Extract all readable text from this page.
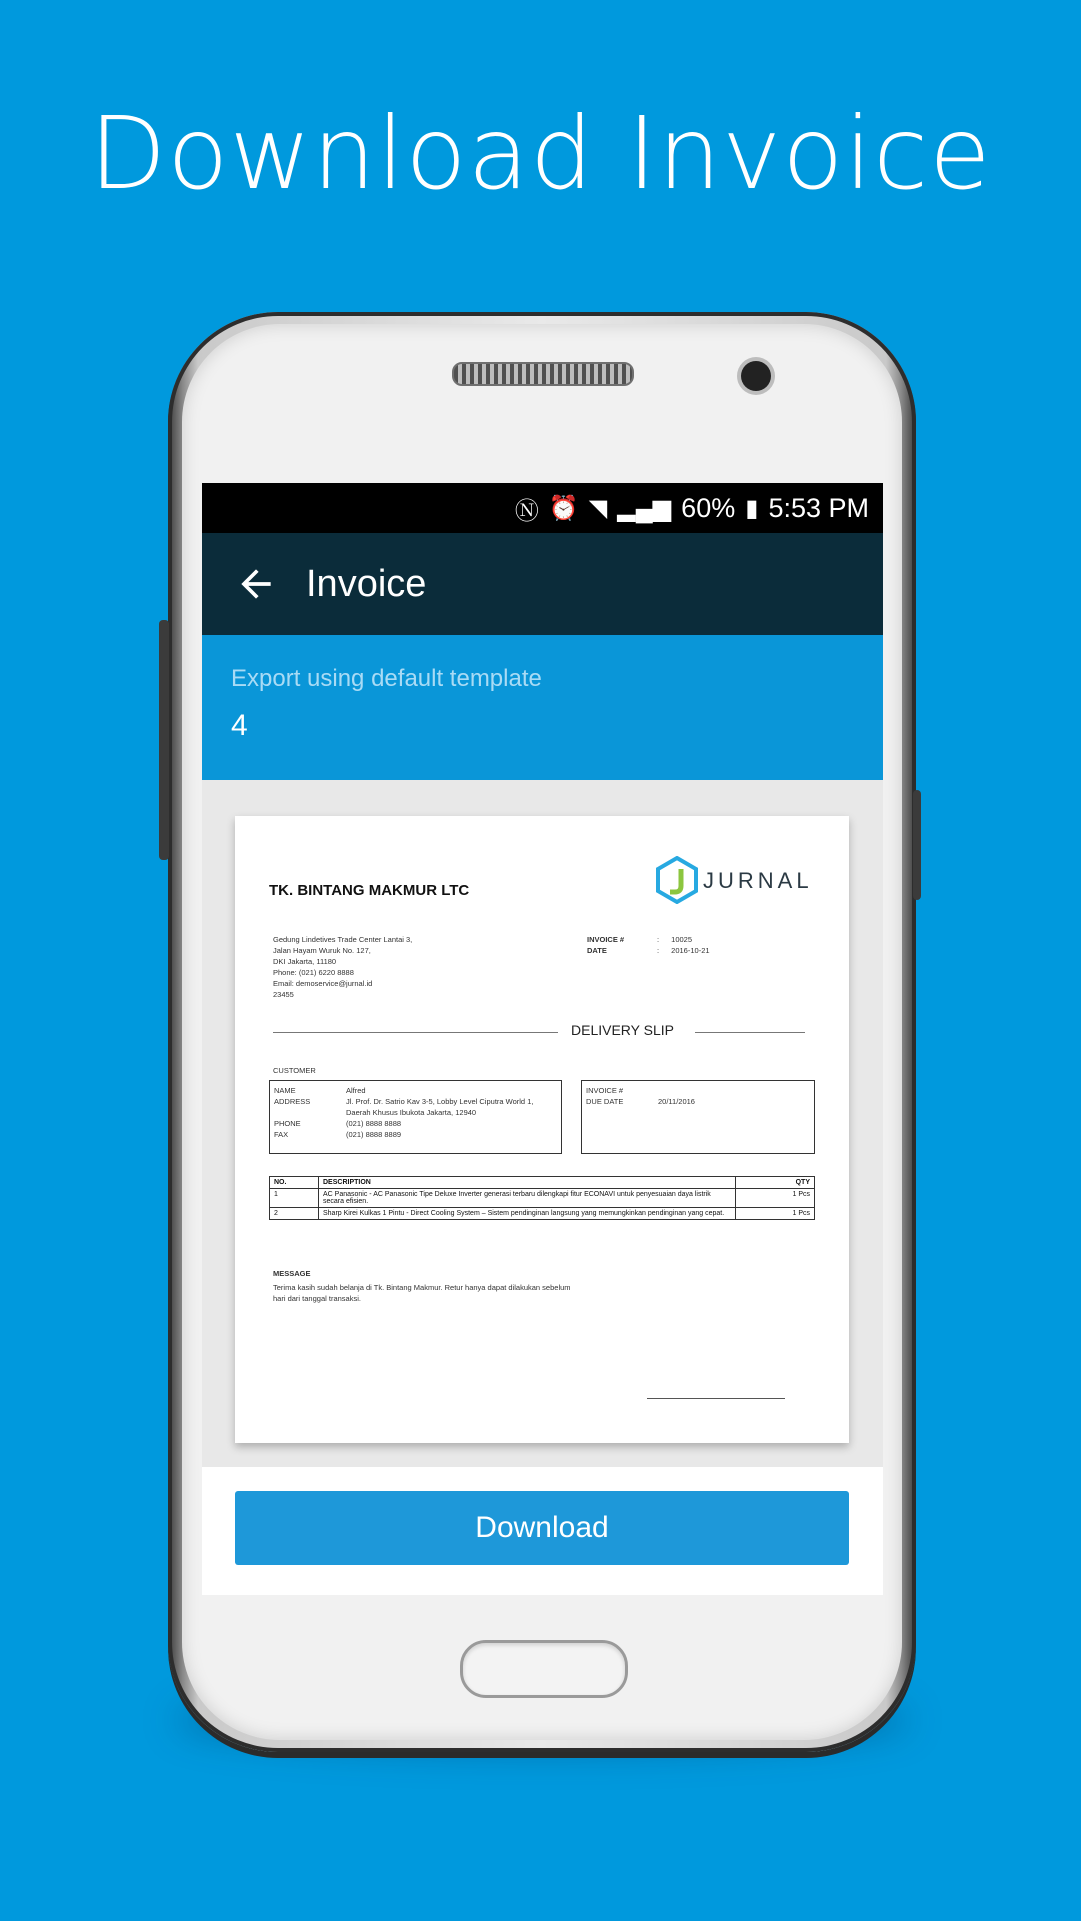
Download Invoice
Ⓝ ⏰ ◥ ▂▄▆ 60% ▮ 5:53 PM
Invoice
Export using default template
4
TK. BINTANG MAKMUR LTC	JURNAL
Gedung Lindetives Trade Center Lantai 3,
Jalan Hayam Wuruk No. 127,
DKI Jakarta, 11180
Phone: (021) 6220 8888
Email: demoservice@jurnal.id
23455
INVOICE #	: 10025
DATE	: 2016-10-21
DELIVERY SLIP
CUSTOMER
NAME	Alfred
ADDRESS	Jl. Prof. Dr. Satrio Kav 3-5, Lobby Level Ciputra World 1, Daerah Khusus Ibukota Jakarta, 12940
PHONE	(021) 8888 8888
FAX	(021) 8888 8889
INVOICE #
DUE DATE	20/11/2016
NO.	DESCRIPTION	QTY
1	AC Panasonic - AC Panasonic Tipe Deluxe Inverter generasi terbaru dilengkapi fitur ECONAVI untuk penyesuaian daya listrik secara efisien.	1 Pcs
2	Sharp Kirei Kulkas 1 Pintu - Direct Cooling System – Sistem pendinginan langsung yang memungkinkan pendinginan yang cepat.	1 Pcs
MESSAGE
Terima kasih sudah belanja di Tk. Bintang Makmur. Retur hanya dapat dilakukan sebelum hari dari tanggal transaksi.
Download
